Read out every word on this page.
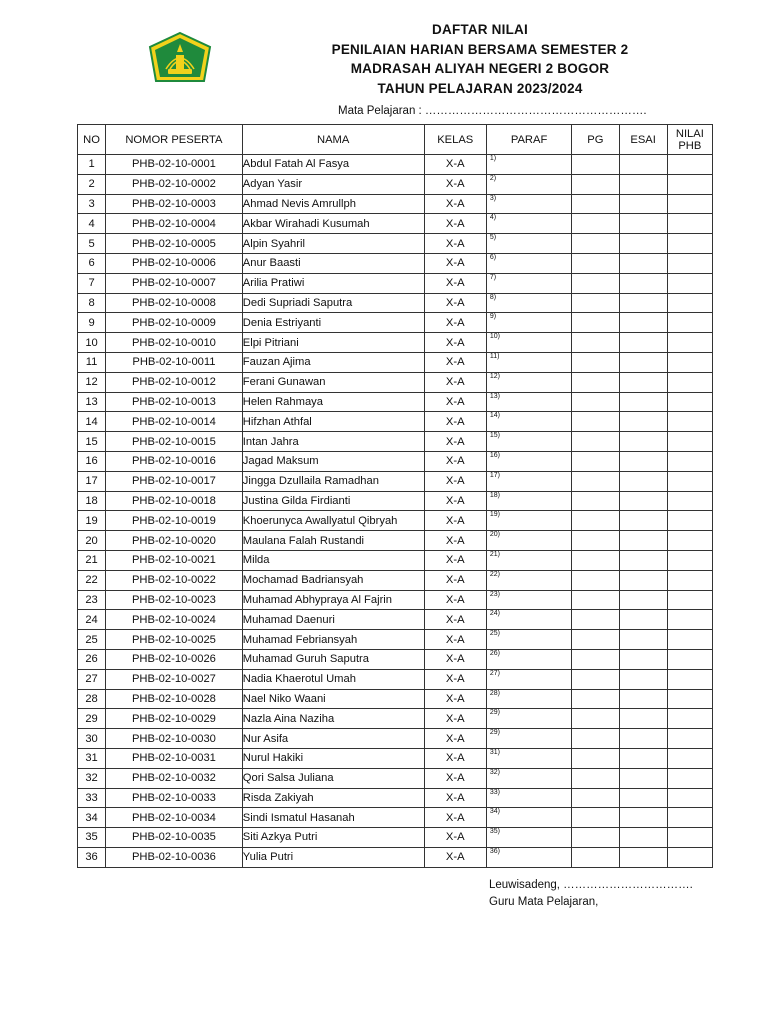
DAFTAR NILAI
PENILAIAN HARIAN BERSAMA SEMESTER 2
MADRASAH ALIYAH NEGERI 2 BOGOR
TAHUN PELAJARAN 2023/2024
Mata Pelajaran : ………………………………………………….
NO	NOMOR PESERTA	NAMA	KELAS	PARAF	PG	ESAI	NILAI
PHB

1	PHB-02-10-0001	Abdul Fatah Al Fasya	X-A	1)			

2	PHB-02-10-0002	Adyan Yasir	X-A	2)			

3	PHB-02-10-0003	Ahmad Nevis Amrullph	X-A	3)			

4	PHB-02-10-0004	Akbar Wirahadi Kusumah	X-A	4)			

5	PHB-02-10-0005	Alpin Syahril	X-A	5)			

6	PHB-02-10-0006	Anur Baasti	X-A	6)			

7	PHB-02-10-0007	Arilia Pratiwi	X-A	7)			

8	PHB-02-10-0008	Dedi Supriadi Saputra	X-A	8)			

9	PHB-02-10-0009	Denia Estriyanti	X-A	9)			

10	PHB-02-10-0010	Elpi Pitriani	X-A	10)			

11	PHB-02-10-0011	Fauzan Ajima	X-A	11)			

12	PHB-02-10-0012	Ferani Gunawan	X-A	12)			

13	PHB-02-10-0013	Helen Rahmaya	X-A	13)			

14	PHB-02-10-0014	Hifzhan Athfal	X-A	14)			

15	PHB-02-10-0015	Intan Jahra	X-A	15)			

16	PHB-02-10-0016	Jagad Maksum	X-A	16)			

17	PHB-02-10-0017	Jingga Dzullaila Ramadhan	X-A	17)			

18	PHB-02-10-0018	Justina Gilda Firdianti	X-A	18)			

19	PHB-02-10-0019	Khoerunyca Awallyatul Qibryah	X-A	19)			

20	PHB-02-10-0020	Maulana Falah Rustandi	X-A	20)			

21	PHB-02-10-0021	Milda	X-A	21)			

22	PHB-02-10-0022	Mochamad Badriansyah	X-A	22)			

23	PHB-02-10-0023	Muhamad Abhypraya Al Fajrin	X-A	23)			

24	PHB-02-10-0024	Muhamad Daenuri	X-A	24)			

25	PHB-02-10-0025	Muhamad Febriansyah	X-A	25)			

26	PHB-02-10-0026	Muhamad Guruh Saputra	X-A	26)			

27	PHB-02-10-0027	Nadia Khaerotul Umah	X-A	27)			

28	PHB-02-10-0028	Nael Niko Waani	X-A	28)			

29	PHB-02-10-0029	Nazla Aina Naziha	X-A	29)			

30	PHB-02-10-0030	Nur Asifa	X-A	29)			

31	PHB-02-10-0031	Nurul Hakiki	X-A	31)			

32	PHB-02-10-0032	Qori Salsa Juliana	X-A	32)			

33	PHB-02-10-0033	Risda Zakiyah	X-A	33)			

34	PHB-02-10-0034	Sindi Ismatul Hasanah	X-A	34)			

35	PHB-02-10-0035	Siti Azkya Putri	X-A	35)			

36	PHB-02-10-0036	Yulia Putri	X-A	36)			

Leuwisadeng, …………………………….
Guru Mata Pelajaran,
